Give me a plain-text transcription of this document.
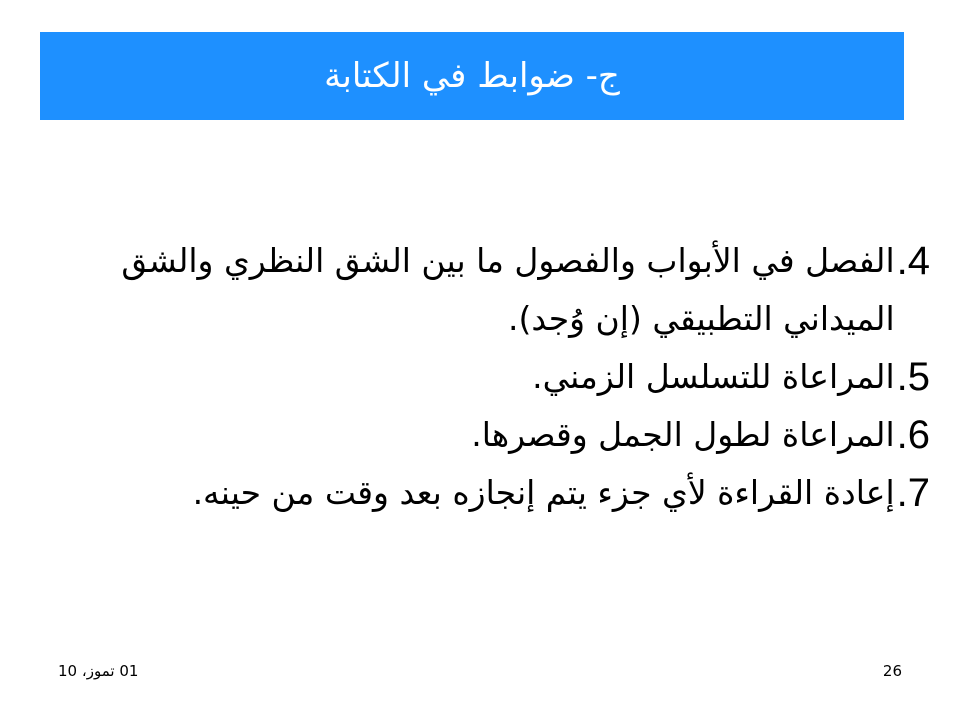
ج- ضوابط في الكتابة
4.
الفصل في الأبواب والفصول ما بين الشق النظري والشق الميداني التطبيقي (إن وُجد).
5.
المراعاة للتسلسل الزمني.
6.
المراعاة لطول الجمل وقصرها.
7.
إعادة القراءة لأي جزء يتم إنجازه بعد وقت من حينه.
01 تموز، 10	26
